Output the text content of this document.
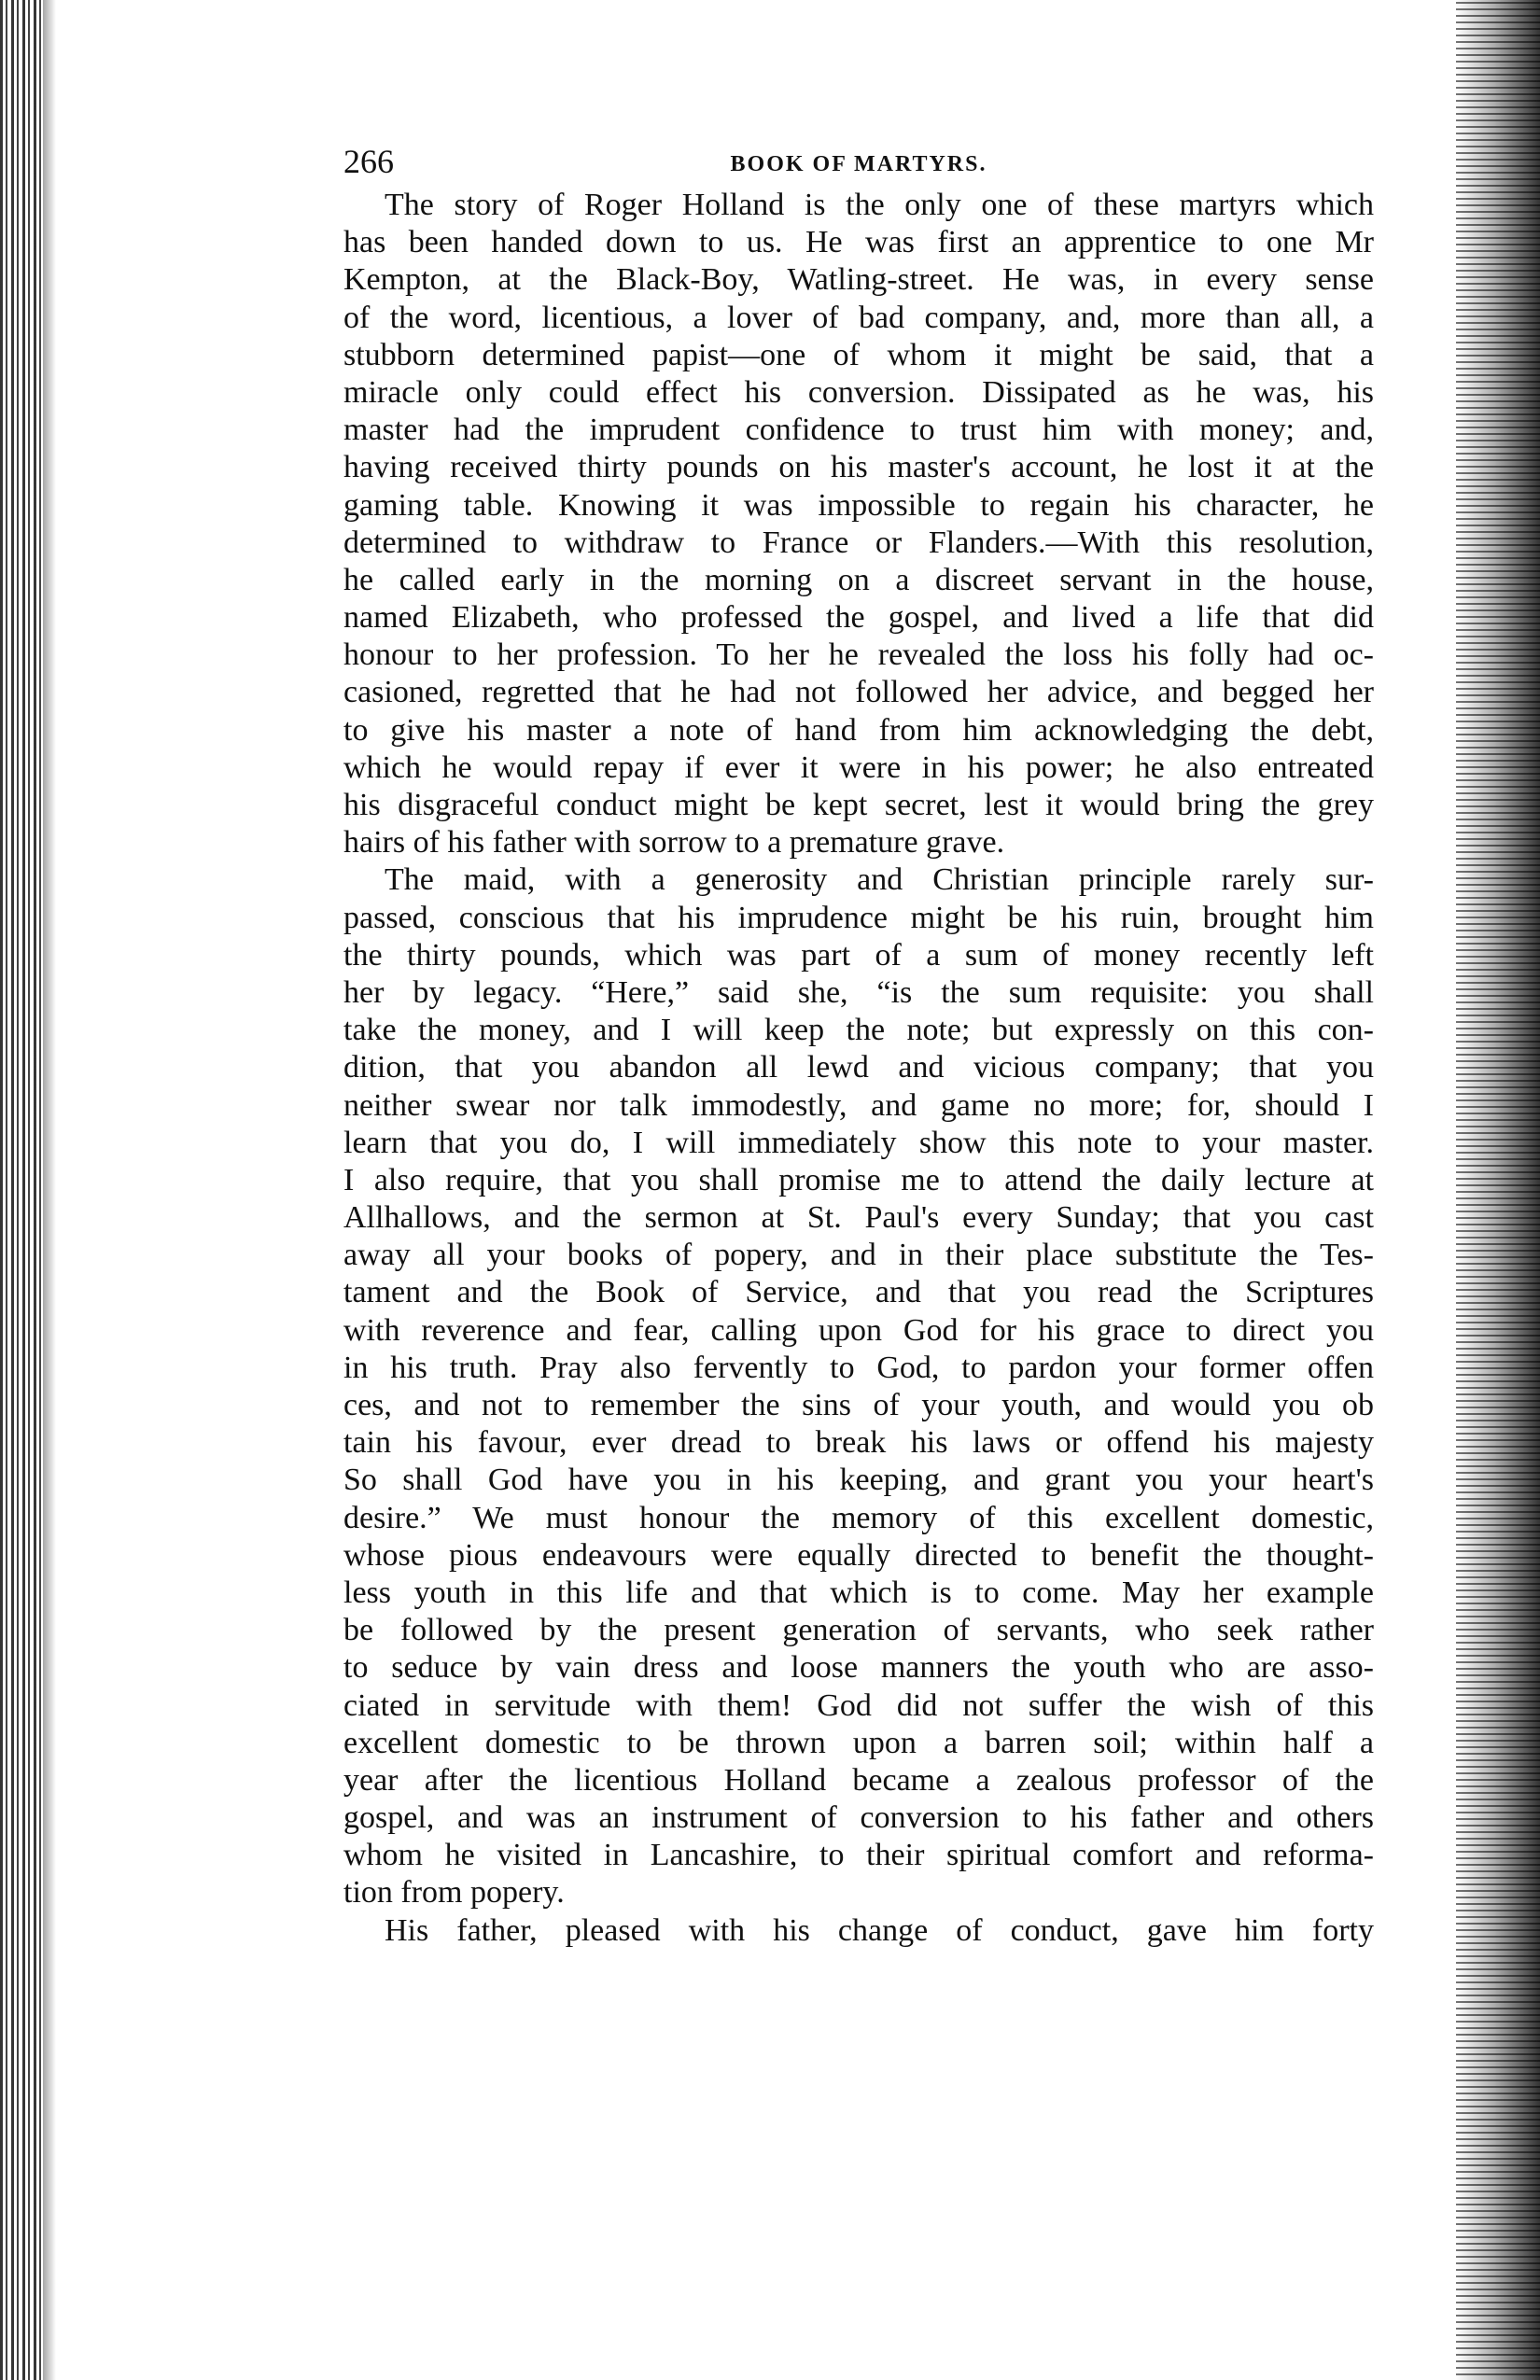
266	BOOK OF MARTYRS.
The story of Roger Holland is the only one of these martyrs which
has been handed down to us. He was first an apprentice to one Mr
Kempton, at the Black-Boy, Watling-street. He was, in every sense
of the word, licentious, a lover of bad company, and, more than all, a
stubborn determined papist—one of whom it might be said, that a
miracle only could effect his conversion. Dissipated as he was, his
master had the imprudent confidence to trust him with money; and,
having received thirty pounds on his master's account, he lost it at the
gaming table. Knowing it was impossible to regain his character, he
determined to withdraw to France or Flanders.—With this resolution,
he called early in the morning on a discreet servant in the house,
named Elizabeth, who professed the gospel, and lived a life that did
honour to her profession. To her he revealed the loss his folly had oc-
casioned, regretted that he had not followed her advice, and begged her
to give his master a note of hand from him acknowledging the debt,
which he would repay if ever it were in his power; he also entreated
his disgraceful conduct might be kept secret, lest it would bring the grey
hairs of his father with sorrow to a premature grave.
The maid, with a generosity and Christian principle rarely sur-
passed, conscious that his imprudence might be his ruin, brought him
the thirty pounds, which was part of a sum of money recently left
her by legacy. “Here,” said she, “is the sum requisite: you shall
take the money, and I will keep the note; but expressly on this con-
dition, that you abandon all lewd and vicious company; that you
neither swear nor talk immodestly, and game no more; for, should I
learn that you do, I will immediately show this note to your master.
I also require, that you shall promise me to attend the daily lecture at
Allhallows, and the sermon at St. Paul's every Sunday; that you cast
away all your books of popery, and in their place substitute the Tes-
tament and the Book of Service, and that you read the Scriptures
with reverence and fear, calling upon God for his grace to direct you
in his truth. Pray also fervently to God, to pardon your former offen
ces, and not to remember the sins of your youth, and would you ob
tain his favour, ever dread to break his laws or offend his majesty
So shall God have you in his keeping, and grant you your heart's
desire.” We must honour the memory of this excellent domestic,
whose pious endeavours were equally directed to benefit the thought-
less youth in this life and that which is to come. May her example
be followed by the present generation of servants, who seek rather
to seduce by vain dress and loose manners the youth who are asso-
ciated in servitude with them! God did not suffer the wish of this
excellent domestic to be thrown upon a barren soil; within half a
year after the licentious Holland became a zealous professor of the
gospel, and was an instrument of conversion to his father and others
whom he visited in Lancashire, to their spiritual comfort and reforma-
tion from popery.
His father, pleased with his change of conduct, gave him forty
